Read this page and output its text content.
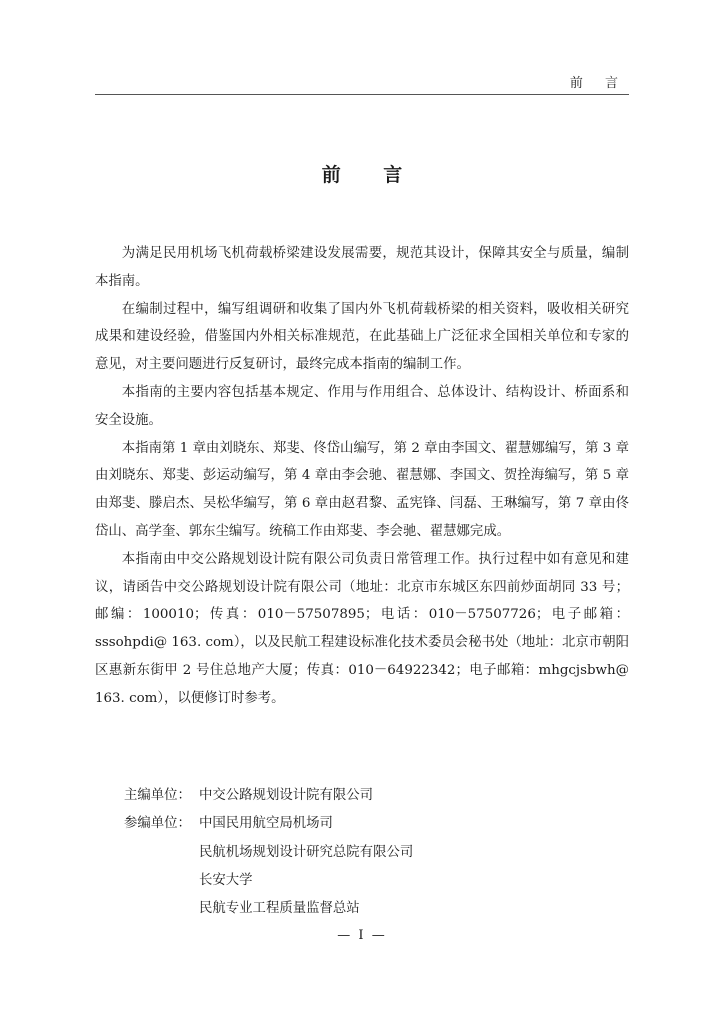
前 言
前 言

为满足民用机场飞机荷载桥梁建设发展需要，规范其设计，保障其安全与质量，编制本指南。

在编制过程中，编写组调研和收集了国内外飞机荷载桥梁的相关资料，吸收相关研究成果和建设经验，借鉴国内外相关标准规范，在此基础上广泛征求全国相关单位和专家的意见，对主要问题进行反复研讨，最终完成本指南的编制工作。

本指南的主要内容包括基本规定、作用与作用组合、总体设计、结构设计、桥面系和安全设施。

本指南第 1 章由刘晓东、郑斐、佟岱山编写，第 2 章由李国文、翟慧娜编写，第 3 章由刘晓东、郑斐、彭运动编写，第 4 章由李会驰、翟慧娜、李国文、贺拴海编写，第 5 章由郑斐、滕启杰、吴松华编写，第 6 章由赵君黎、孟宪锋、闫磊、王琳编写，第 7 章由佟岱山、高学奎、郭东尘编写。统稿工作由郑斐、李会驰、翟慧娜完成。

本指南由中交公路规划设计院有限公司负责日常管理工作。执行过程中如有意见和建议，请函告中交公路规划设计院有限公司（地址：北京市东城区东四前炒面胡同 33 号；邮编：100010；传真：010－57507895；电话：010－57507726；电子邮箱：sssohpdi@ 163. com），以及民航工程建设标准化技术委员会秘书处（地址：北京市朝阳区惠新东街甲 2 号住总地产大厦；传真：010－64922342；电子邮箱：mhgcjsbwh@ 163. com），以便修订时参考。

主编单位： 中交公路规划设计院有限公司
参编单位： 中国民用航空局机场司
民航机场规划设计研究总院有限公司
长安大学
民航专业工程质量监督总站
— I —
